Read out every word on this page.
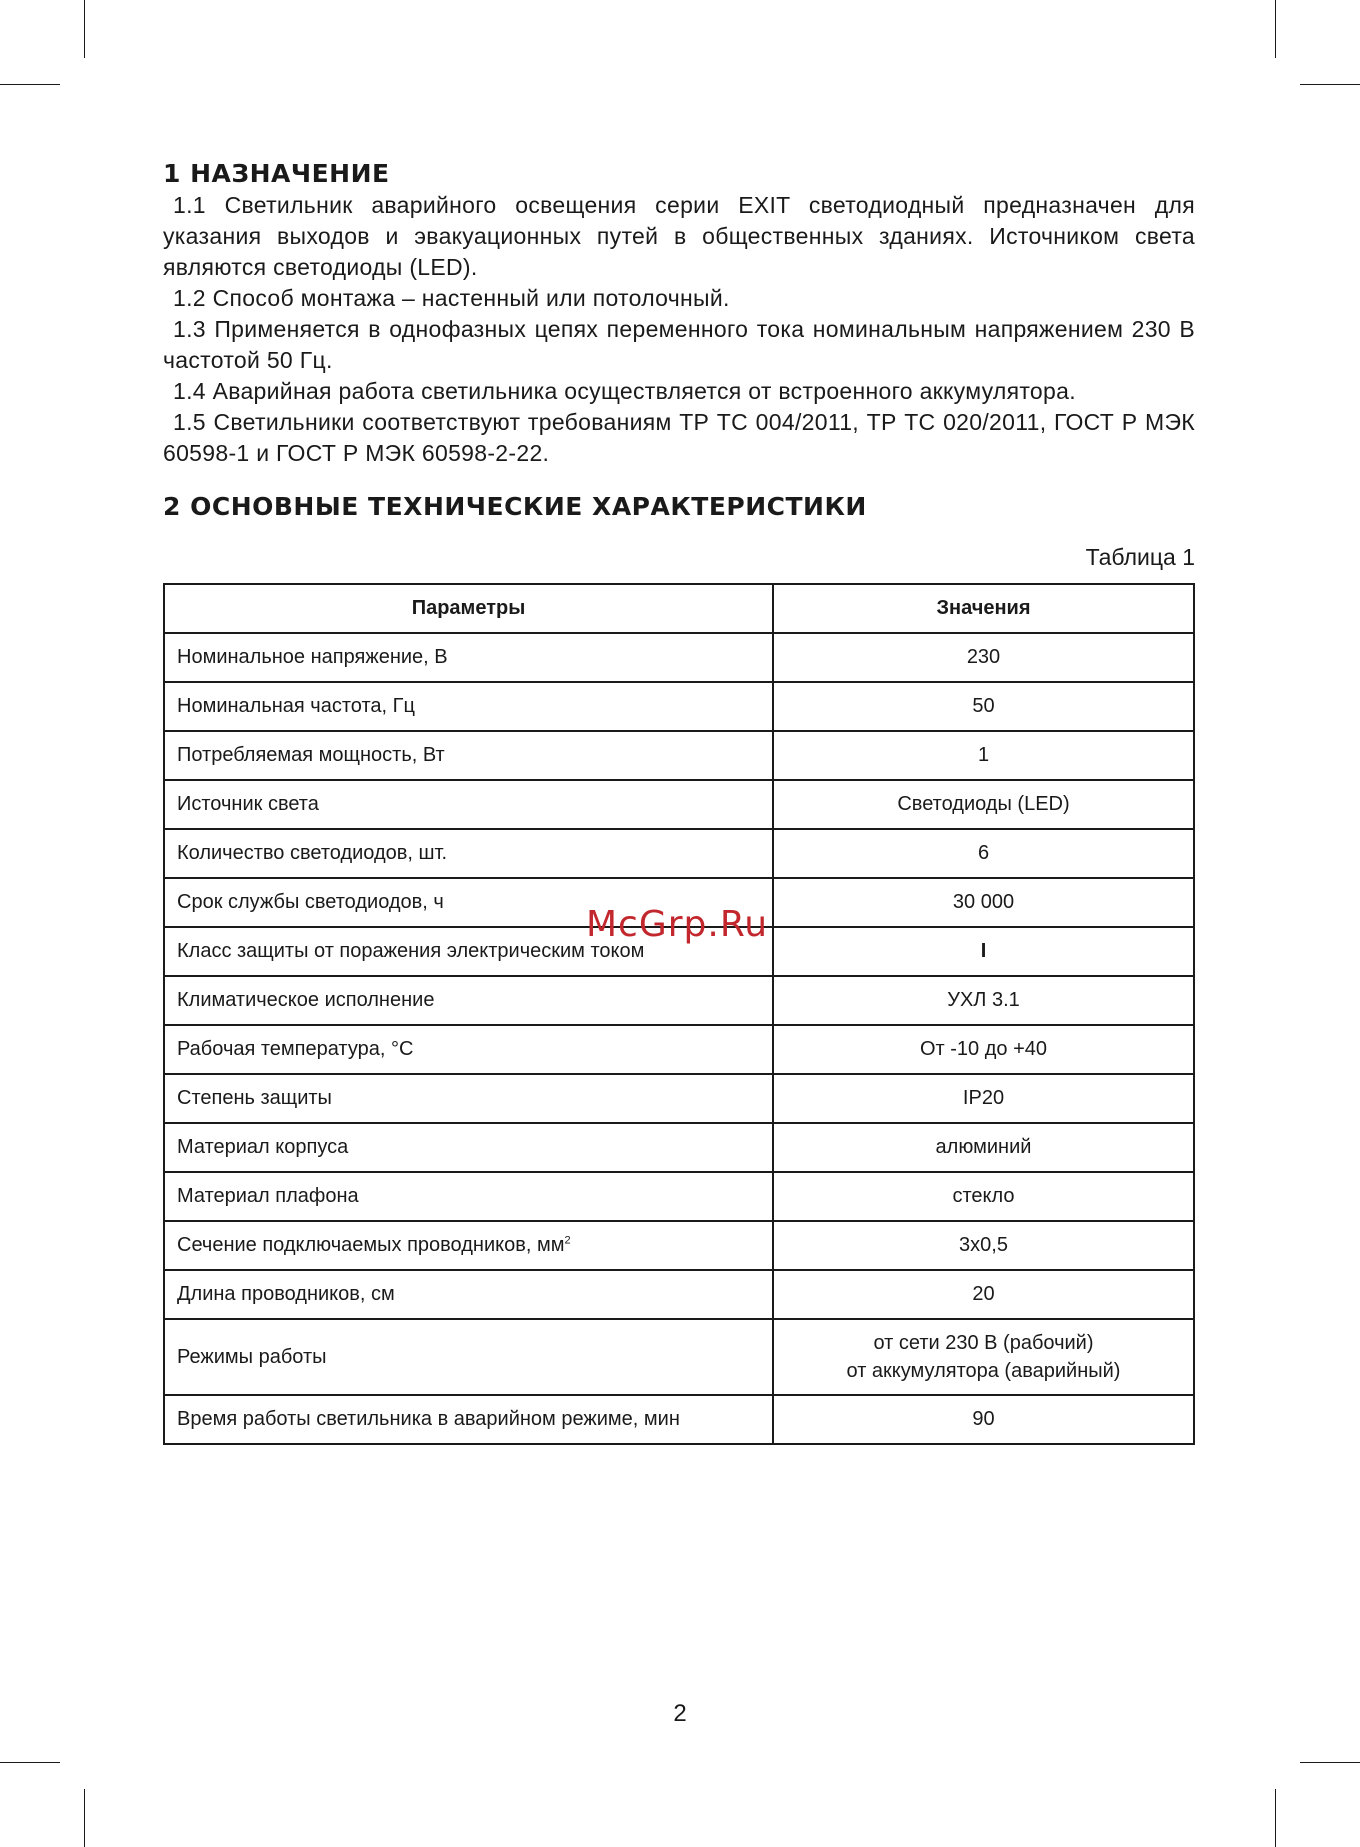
1 НАЗНАЧЕНИЕ

1.1 Светильник аварийного освещения серии EXIT светодиодный предназначен для указания выходов и эвакуационных путей в общественных зданиях. Источником света являются светодиоды (LED).

1.2 Способ монтажа – настенный или потолочный.

1.3 Применяется в однофазных цепях переменного тока номинальным напряжением 230 В частотой 50 Гц.

1.4 Аварийная работа светильника осуществляется от встроенного аккумулятора.

1.5 Светильники соответствуют требованиям ТР ТС 004/2011, ТР ТС 020/2011, ГОСТ Р МЭК 60598-1 и ГОСТ Р МЭК 60598-2-22.

2 ОСНОВНЫЕ ТЕХНИЧЕСКИЕ ХАРАКТЕРИСТИКИ
Таблица 1
Параметры	Значения
Номинальное напряжение, В	230
Номинальная частота, Гц	50
Потребляемая мощность, Вт	1
Источник света	Светодиоды (LED)
Количество светодиодов, шт.	6
Срок службы светодиодов, ч	30 000
Класс защиты от поражения электрическим током	I
Климатическое исполнение	УХЛ 3.1
Рабочая температура, °С	От -10 до +40
Степень защиты	IP20
Материал корпуса	алюминий
Материал плафона	стекло
Сечение подключаемых проводников, $мм^2$	3х0,5
Длина проводников, см	20
Режимы работы	от сети 230 В (рабочий)
от аккумулятора (аварийный)

Время работы светильника в аварийном режиме, мин	90
McGrp.Ru
2
